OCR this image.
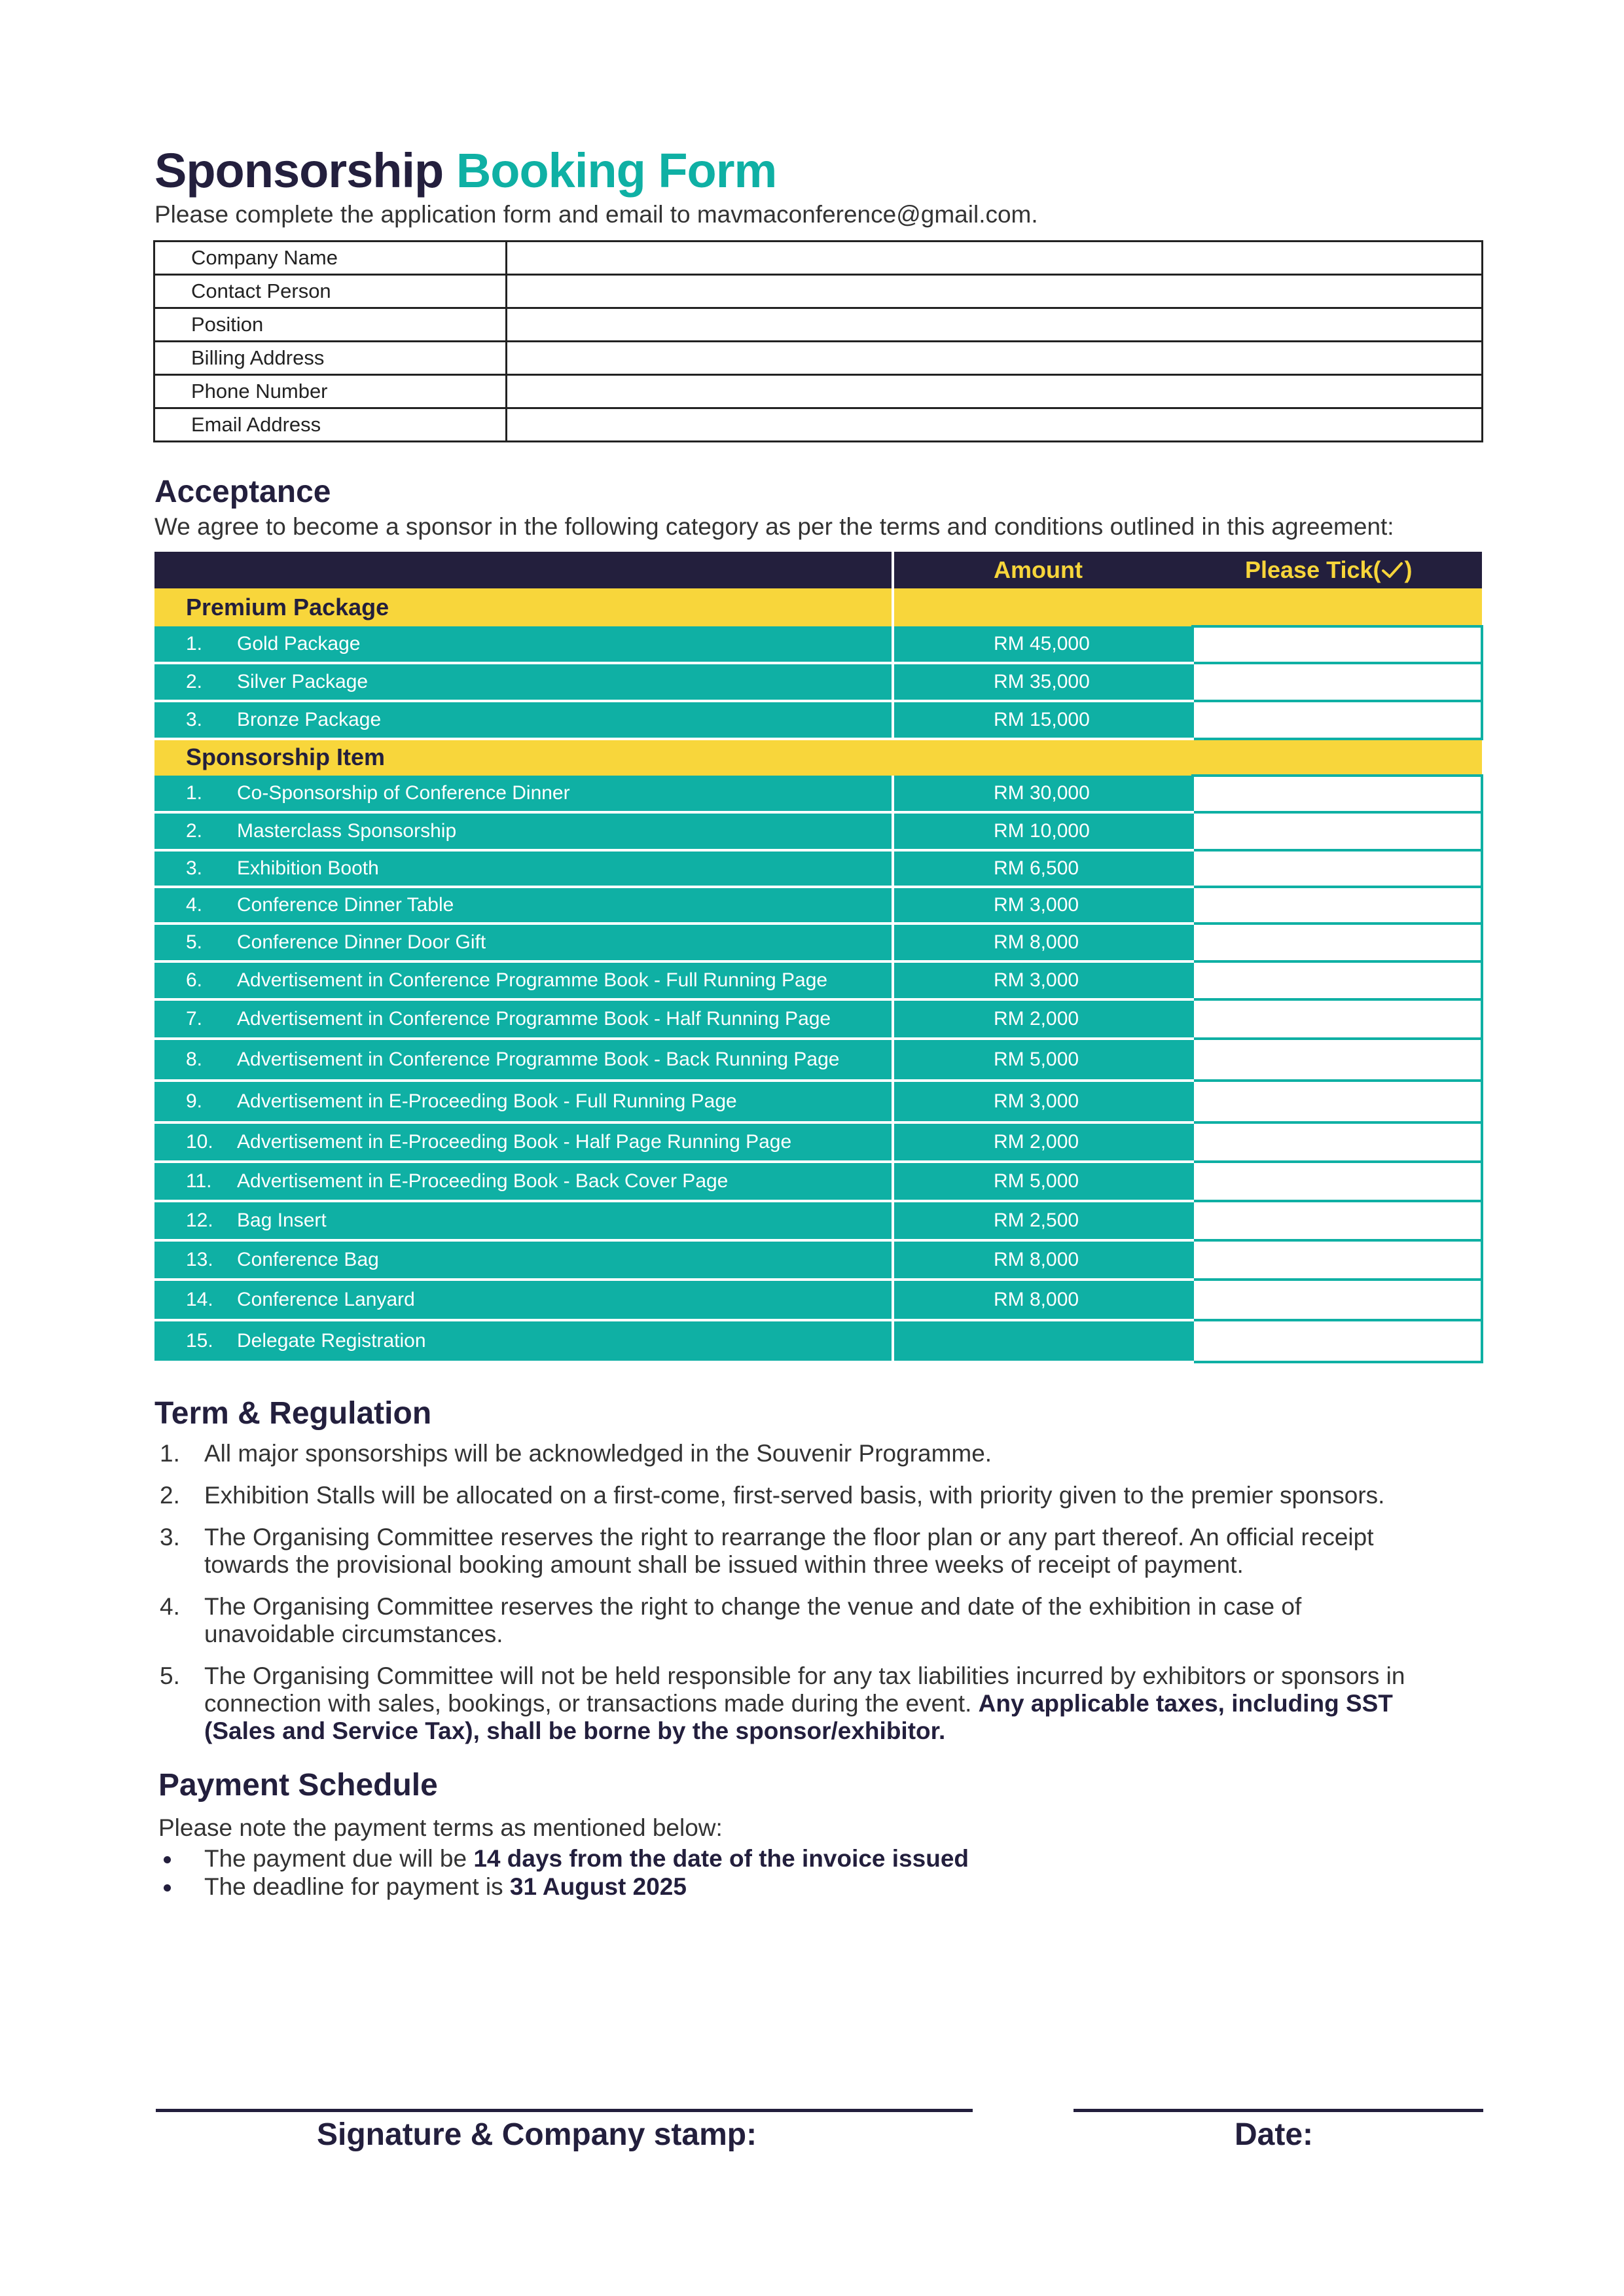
Sponsorship Booking Form
Please complete the application form and email to mavmaconference@gmail.com.
Company Name	
Contact Person	
Position	
Billing Address	
Phone Number	
Email Address	
Acceptance
We agree to become a sponsor in the following category as per the terms and conditions outlined in this agreement:
	Amount	Please Tick( )
Premium Package		
1. Gold Package	RM 45,000	
2. Silver Package	RM 35,000	
3. Bronze Package	RM 15,000	
Sponsorship Item		
1. Co-Sponsorship of Conference Dinner	RM 30,000	
2. Masterclass Sponsorship	RM 10,000	
3. Exhibition Booth	RM 6,500	
4. Conference Dinner Table	RM 3,000	
5. Conference Dinner Door Gift	RM 8,000	
6. Advertisement in Conference Programme Book - Full Running Page	RM 3,000	
7. Advertisement in Conference Programme Book - Half Running Page	RM 2,000	
8. Advertisement in Conference Programme Book - Back Running Page	RM 5,000	
9. Advertisement in E-Proceeding Book - Full Running Page	RM 3,000	
10. Advertisement in E-Proceeding Book - Half Page Running Page	RM 2,000	
11. Advertisement in E-Proceeding Book - Back Cover Page	RM 5,000	
12. Bag Insert	RM 2,500	
13. Conference Bag	RM 8,000	
14. Conference Lanyard	RM 8,000	
15. Delegate Registration		
Term & Regulation
1. All major sponsorships will be acknowledged in the Souvenir Programme.
2. Exhibition Stalls will be allocated on a first-come, first-served basis, with priority given to the premier sponsors.
3. The Organising Committee reserves the right to rearrange the floor plan or any part thereof. An official receipt
towards the provisional booking amount shall be issued within three weeks of receipt of payment.
4. The Organising Committee reserves the right to change the venue and date of the exhibition in case of
unavoidable circumstances.
5. The Organising Committee will not be held responsible for any tax liabilities incurred by exhibitors or sponsors in
connection with sales, bookings, or transactions made during the event. Any applicable taxes, including SST
(Sales and Service Tax), shall be borne by the sponsor/exhibitor.
Payment Schedule
Please note the payment terms as mentioned below:
The payment due will be 14 days from the date of the invoice issued
The deadline for payment is 31 August 2025
Signature & Company stamp:	Date:
